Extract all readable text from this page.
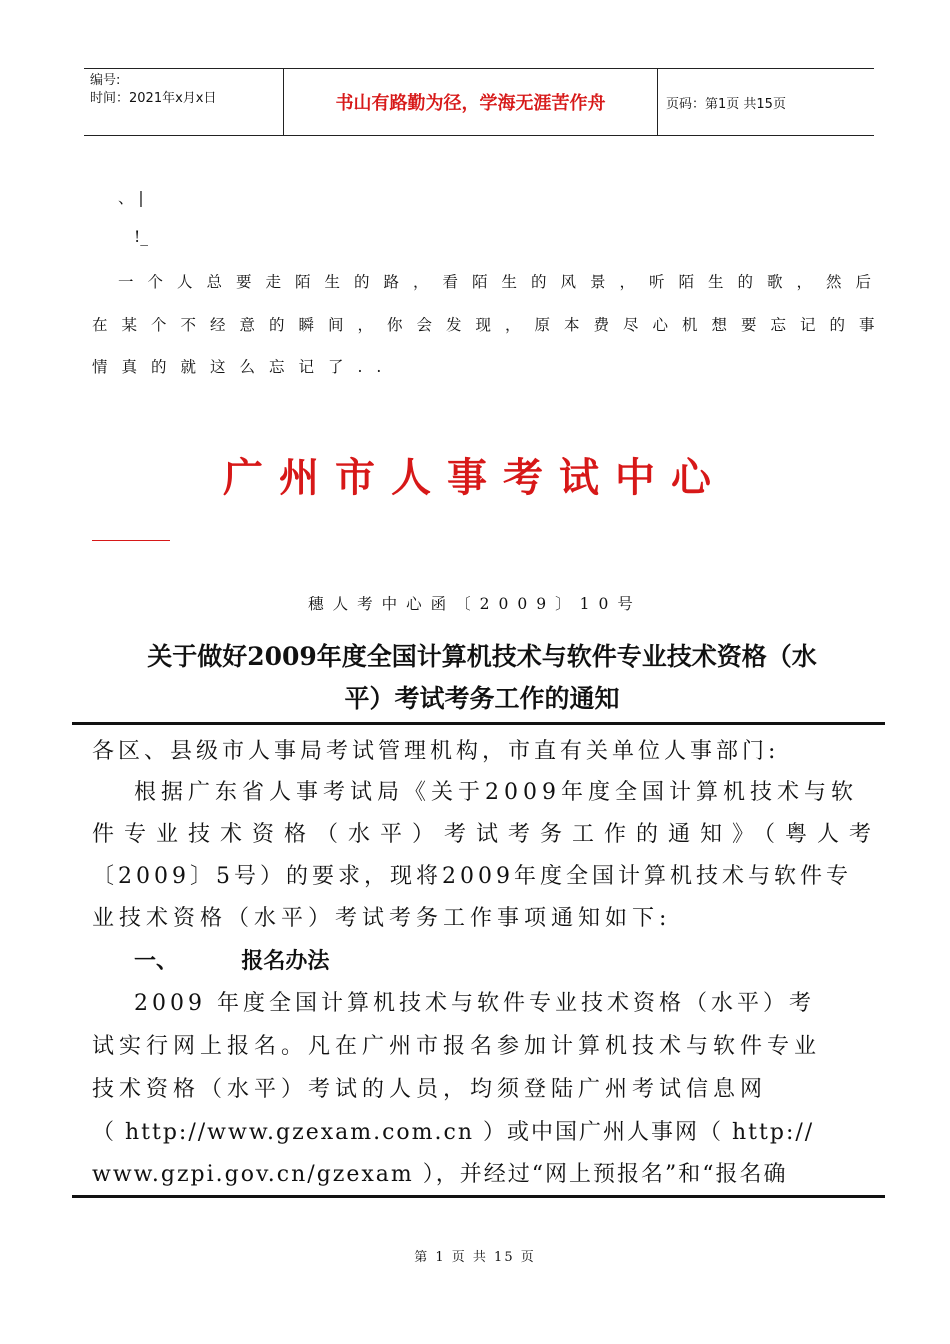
编号:
时间：2021年x月x日	书山有路勤为径，学海无涯苦作舟	页码：第1页 共15页
、 |
!_
一个人总要走陌生的路，看陌生的风景，听陌生的歌，然后
在某个不经意的瞬间，你会发现，原本费尽心机想要忘记的事
情真的就这么忘记了..
广州市人事考试中心
穗人考中心函〔2009〕10号
关于做好2009年度全国计算机技术与软件专业技术资格（水
平）考试考务工作的通知
各区、县级市人事局考试管理机构，市直有关单位人事部门:
根据广东省人事考试局《关于2009年度全国计算机技术与软
件专业技术资格（水平）考试考务工作的通知》（粤人考
〔2009〕5号）的要求，现将2009年度全国计算机技术与软件专
业技术资格（水平）考试考务工作事项通知如下:
一、	报名办法
2009 年度全国计算机技术与软件专业技术资格（水平）考
试实行网上报名。凡在广州市报名参加计算机技术与软件专业
技术资格（水平）考试的人员，均须登陆广州考试信息网
（ http://www.gzexam.com.cn ）或中国广州人事网（ http://
www.gzpi.gov.cn/gzexam ），并经过“网上预报名”和“报名确
第 1 页 共 15 页
